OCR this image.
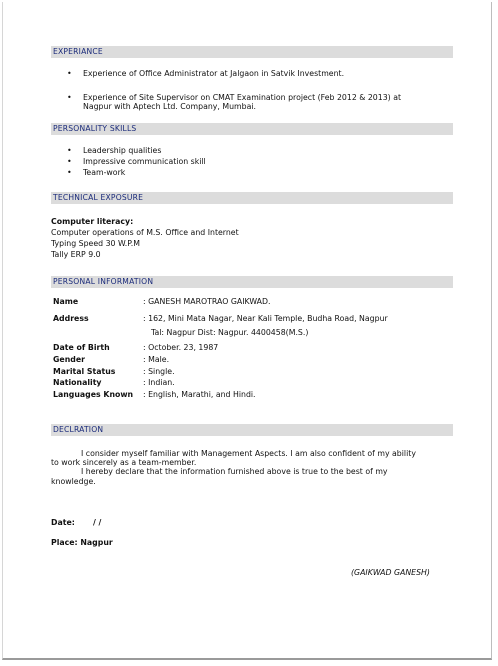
EXPERIANCE
• Experience of Office Administrator at Jalgaon in Satvik Investment.
• Experience of Site Supervisor on CMAT Examination project (Feb 2012 & 2013) at
Nagpur with Aptech Ltd. Company, Mumbai.
PERSONALITY SKILLS
• Leadership qualities
• Impressive communication skill
• Team-work
TECHNICAL EXPOSURE
Computer literacy:
Computer operations of M.S. Office and Internet
Typing Speed 30 W.P.M
Tally ERP 9.0
PERSONAL INFORMATION
Name	: GANESH MAROTRAO GAIKWAD.
Address	: 162, Mini Mata Nagar, Near Kali Temple, Budha Road, Nagpur
Tal: Nagpur Dist: Nagpur. 4400458(M.S.)
Date of Birth	: October. 23, 1987
Gender	: Male.
Marital Status	: Single.
Nationality	: Indian.
Languages Known : English, Marathi, and Hindi.
DECLRATION
I consider myself familiar with Management Aspects. I am also confident of my ability
to work sincerely as a team-member.
I hereby declare that the information furnished above is true to the best of my
knowledge.
Date: / /
Place: Nagpur
(GAIKWAD GANESH)
